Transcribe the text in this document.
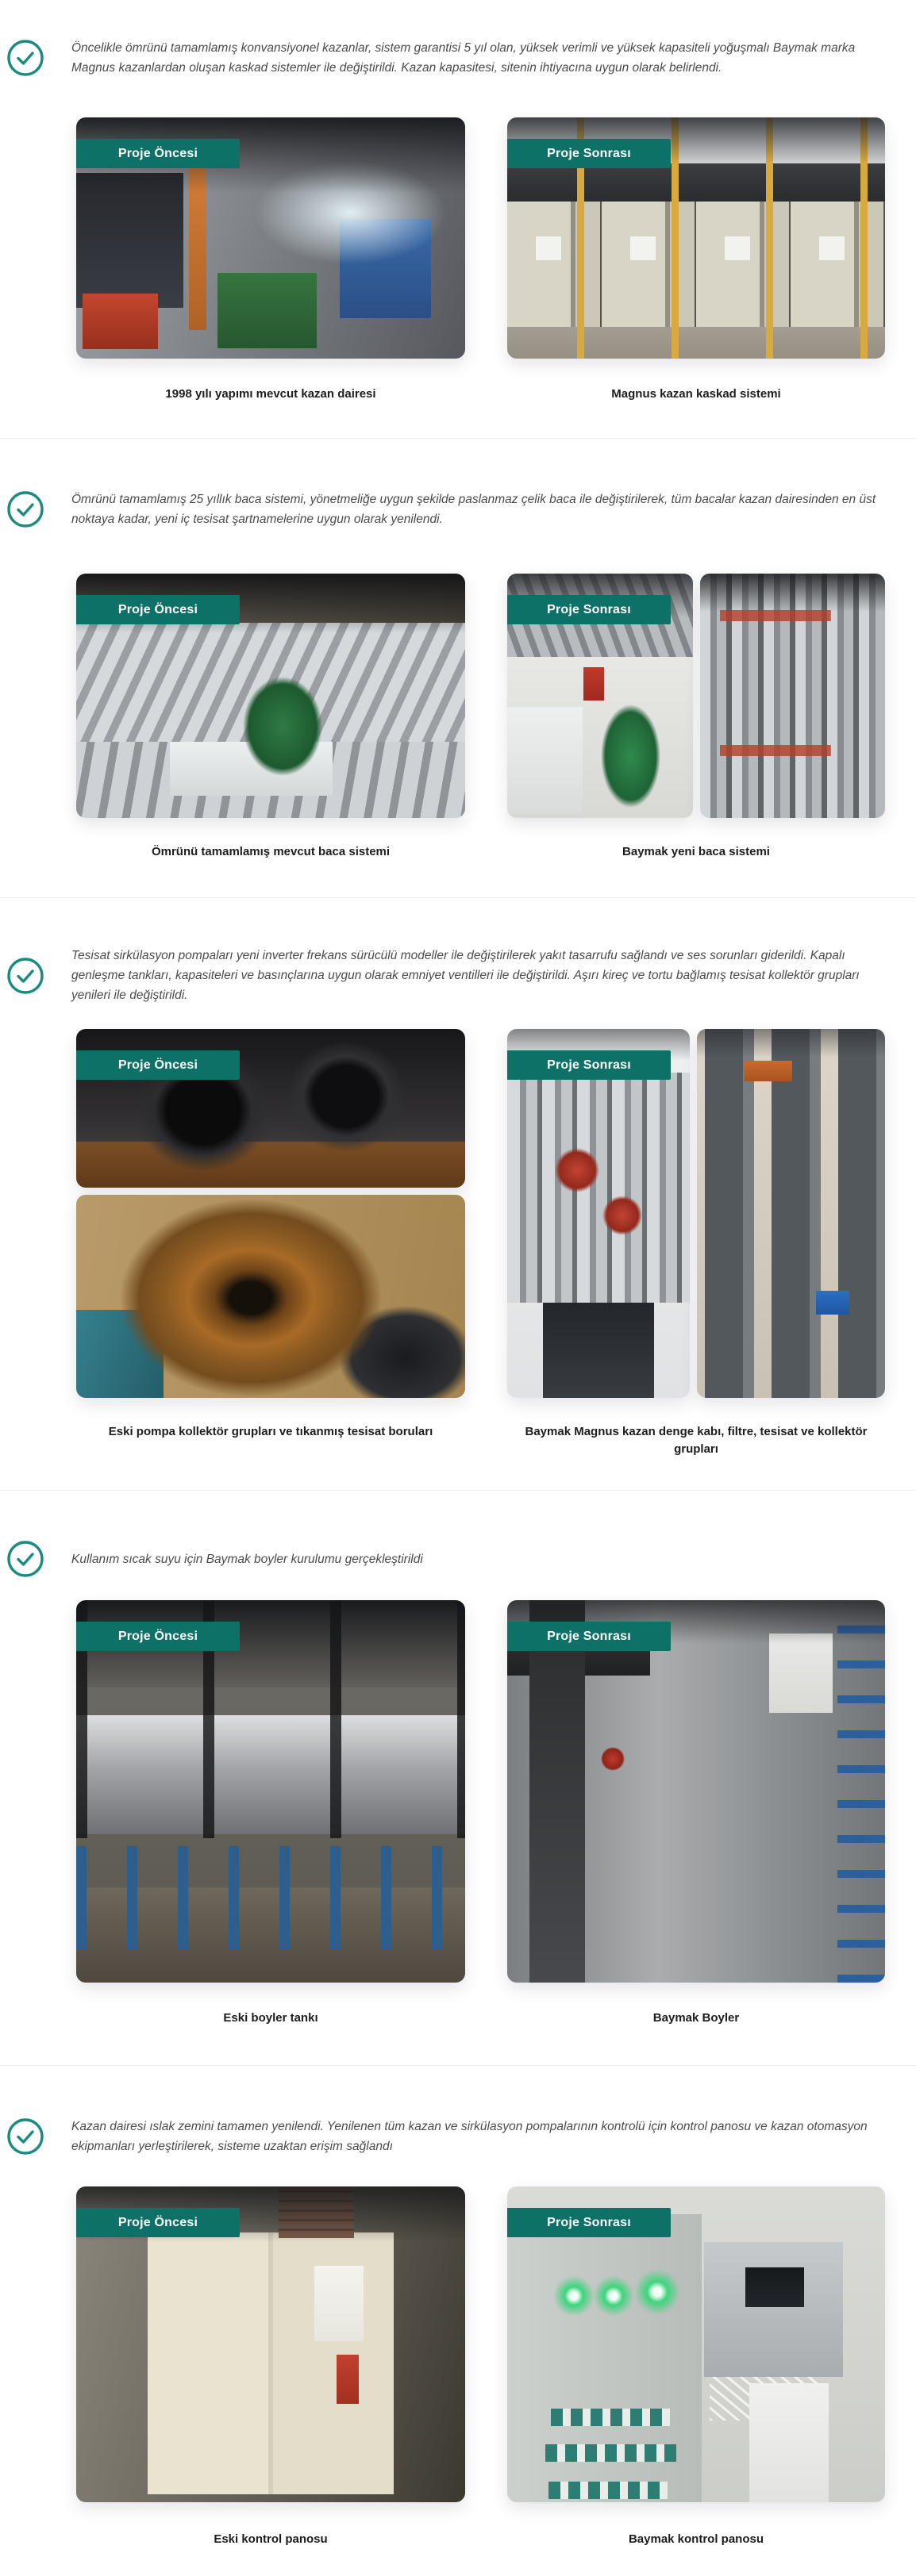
Öncelikle ömrünü tamamlamış konvansiyonel kazanlar, sistem garantisi 5 yıl olan, yüksek verimli ve yüksek kapasiteli yoğuşmalı Baymak marka Magnus kazanlardan oluşan kaskad sistemler ile değiştirildi. Kazan kapasitesi, sitenin ihtiyacına uygun olarak belirlendi.

Proje Öncesi
1998 yılı yapımı mevcut kazan dairesi
Proje Sonrası
Magnus kazan kaskad sistemi

Ömrünü tamamlamış 25 yıllık baca sistemi, yönetmeliğe uygun şekilde paslanmaz çelik baca ile değiştirilerek, tüm bacalar kazan dairesinden en üst noktaya kadar, yeni iç tesisat şartnamelerine uygun olarak yenilendi.

Proje Öncesi
Ömrünü tamamlamış mevcut baca sistemi
Proje Sonrası
Baymak yeni baca sistemi

Tesisat sirkülasyon pompaları yeni inverter frekans sürücülü modeller ile değiştirilerek yakıt tasarrufu sağlandı ve ses sorunları giderildi. Kapalı genleşme tankları, kapasiteleri ve basınçlarına uygun olarak emniyet ventilleri ile değiştirildi. Aşırı kireç ve tortu bağlamış tesisat kollektör grupları yenileri ile değiştirildi.

Proje Öncesi
Eski pompa kollektör grupları ve tıkanmış tesisat boruları
Proje Sonrası
Baymak Magnus kazan denge kabı, filtre, tesisat ve kollektör grupları

Kullanım sıcak suyu için Baymak boyler kurulumu gerçekleştirildi

Proje Öncesi
Eski boyler tankı
Proje Sonrası
Baymak Boyler

Kazan dairesi ıslak zemini tamamen yenilendi. Yenilenen tüm kazan ve sirkülasyon pompalarının kontrolü için kontrol panosu ve kazan otomasyon ekipmanları yerleştirilerek, sisteme uzaktan erişim sağlandı

Proje Öncesi
Eski kontrol panosu
Proje Sonrası
Baymak kontrol panosu
